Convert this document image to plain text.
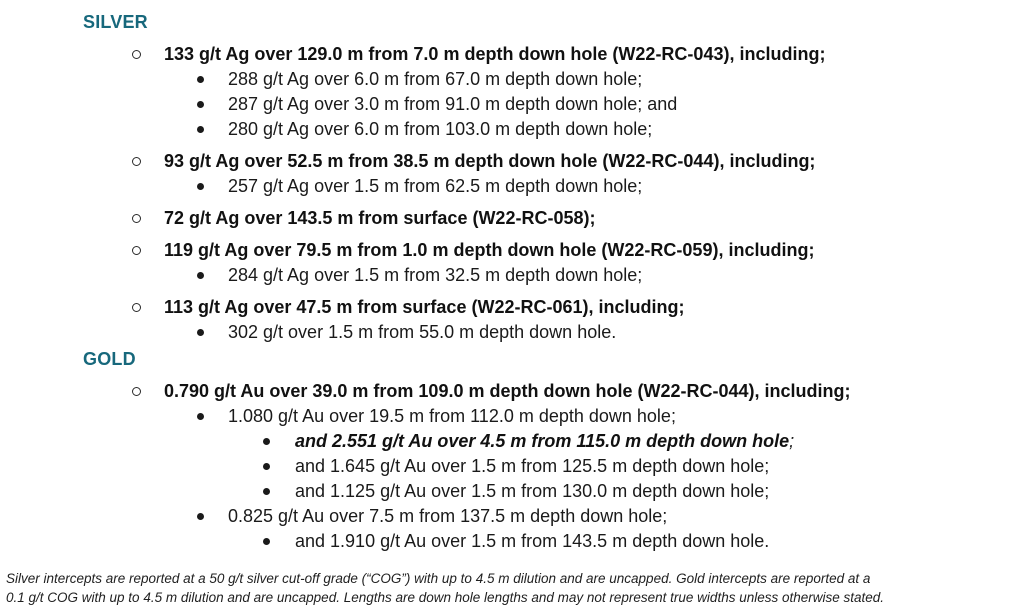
SILVER
133 g/t Ag over 129.0 m from 7.0 m depth down hole (W22-RC-043), including;
288 g/t Ag over 6.0 m from 67.0 m depth down hole;
287 g/t Ag over 3.0 m from 91.0 m depth down hole; and
280 g/t Ag over 6.0 m from 103.0 m depth down hole;
93 g/t Ag over 52.5 m from 38.5 m depth down hole (W22-RC-044), including;
257 g/t Ag over 1.5 m from 62.5 m depth down hole;
72 g/t Ag over 143.5 m from surface (W22-RC-058);
119 g/t Ag over 79.5 m from 1.0 m depth down hole (W22-RC-059), including;
284 g/t Ag over 1.5 m from 32.5 m depth down hole;
113 g/t Ag over 47.5 m from surface (W22-RC-061), including;
302 g/t over 1.5 m from 55.0 m depth down hole.
GOLD
0.790 g/t Au over 39.0 m from 109.0 m depth down hole (W22-RC-044), including;
1.080 g/t Au over 19.5 m from 112.0 m depth down hole;
and 2.551 g/t Au over 4.5 m from 115.0 m depth down hole ;
and 1.645 g/t Au over 1.5 m from 125.5 m depth down hole;
and 1.125 g/t Au over 1.5 m from 130.0 m depth down hole;
0.825 g/t Au over 7.5 m from 137.5 m depth down hole;
and 1.910 g/t Au over 1.5 m from 143.5 m depth down hole.
Silver intercepts are reported at a 50 g/t silver cut-off grade (“COG”) with up to 4.5 m dilution and are uncapped. Gold intercepts are reported at a
0.1 g/t COG with up to 4.5 m dilution and are uncapped. Lengths are down hole lengths and may not represent true widths unless otherwise stated.
